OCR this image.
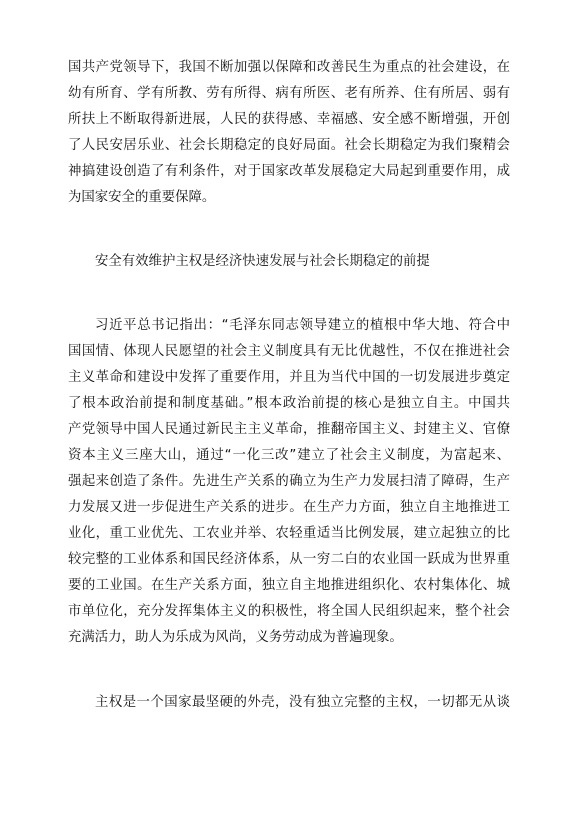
国共产党领导下，我国不断加强以保障和改善民生为重点的社会建设，在
幼有所育、学有所教、劳有所得、病有所医、老有所养、住有所居、弱有
所扶上不断取得新进展，人民的获得感、幸福感、安全感不断增强，开创
了人民安居乐业、社会长期稳定的良好局面。社会长期稳定为我们聚精会
神搞建设创造了有利条件，对于国家改革发展稳定大局起到重要作用，成
为国家安全的重要保障。
安全有效维护主权是经济快速发展与社会长期稳定的前提
习近平总书记指出：“毛泽东同志领导建立的植根中华大地、符合中
国国情、体现人民愿望的社会主义制度具有无比优越性，不仅在推进社会
主义革命和建设中发挥了重要作用，并且为当代中国的一切发展进步奠定
了根本政治前提和制度基础。”根本政治前提的核心是独立自主。中国共
产党领导中国人民通过新民主主义革命，推翻帝国主义、封建主义、官僚
资本主义三座大山，通过“一化三改”建立了社会主义制度，为富起来、
强起来创造了条件。先进生产关系的确立为生产力发展扫清了障碍，生产
力发展又进一步促进生产关系的进步。在生产力方面，独立自主地推进工
业化，重工业优先、工农业并举、农轻重适当比例发展，建立起独立的比
较完整的工业体系和国民经济体系，从一穷二白的农业国一跃成为世界重
要的工业国。在生产关系方面，独立自主地推进组织化、农村集体化、城
市单位化，充分发挥集体主义的积极性，将全国人民组织起来，整个社会
充满活力，助人为乐成为风尚，义务劳动成为普遍现象。
主权是一个国家最坚硬的外壳，没有独立完整的主权，一切都无从谈
